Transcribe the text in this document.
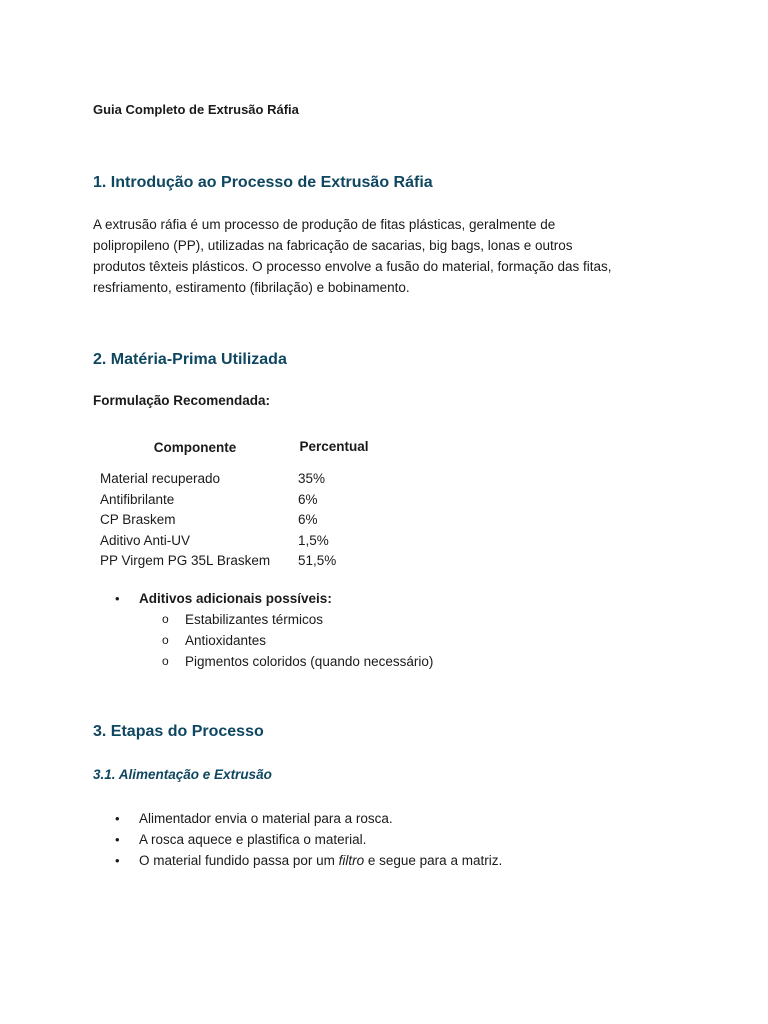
Guia Completo de Extrusão Ráfia

1. Introdução ao Processo de Extrusão Ráfia
A extrusão ráfia é um processo de produção de fitas plásticas, geralmente de
polipropileno (PP), utilizadas na fabricação de sacarias, big bags, lonas e outros
produtos têxteis plásticos. O processo envolve a fusão do material, formação das fitas,
resfriamento, estiramento (fibrilação) e bobinamento.
2. Matéria-Prima Utilizada

Formulação Recomendada:

Componente	Percentual
Material recuperado	35%
Antifibrilante	6%
CP Braskem	6%
Aditivo Anti-UV	1,5%
PP Virgem PG 35L Braskem	51,5%
• Aditivos adicionais possíveis:
o Estabilizantes térmicos
o Antioxidantes
o Pigmentos coloridos (quando necessário)
3. Etapas do Processo

3.1. Alimentação e Extrusão

• Alimentador envia o material para a rosca.
• A rosca aquece e plastifica o material.
• O material fundido passa por um filtro e segue para a matriz.
